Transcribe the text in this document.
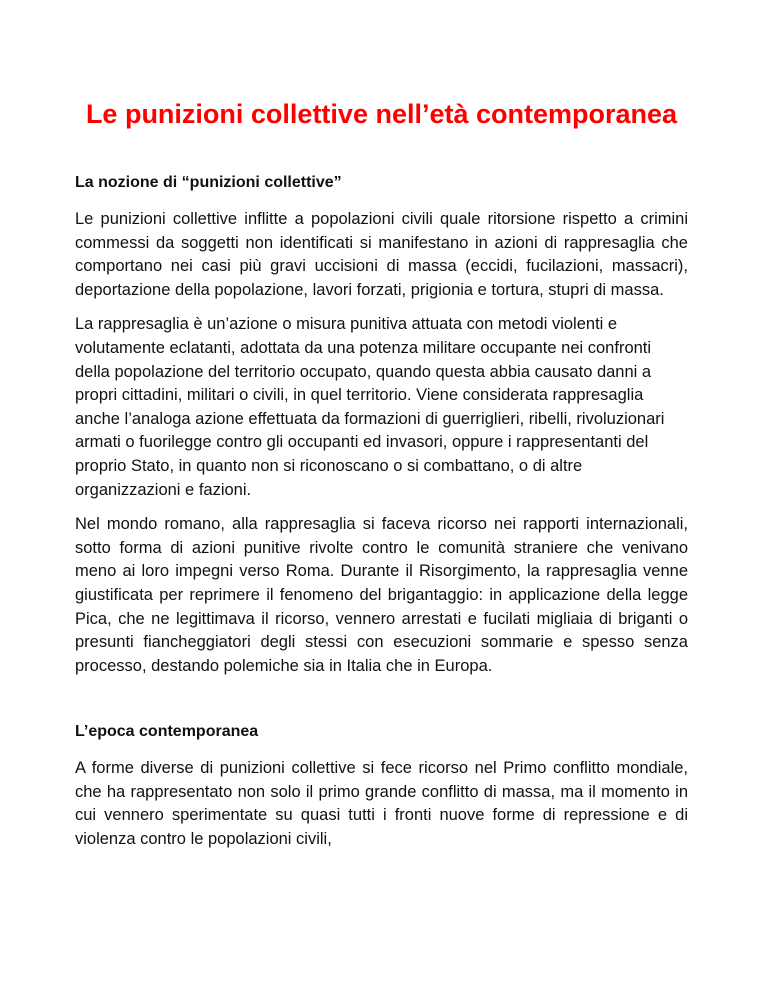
Le punizioni collettive nell’età contemporanea
La nozione di “punizioni collettive”

Le punizioni collettive inflitte a popolazioni civili quale ritorsione rispetto a crimini commessi da soggetti non identificati si manifestano in azioni di rappresaglia che comportano nei casi più gravi uccisioni di massa (eccidi, fucilazioni, massacri), deportazione della popolazione, lavori forzati, prigionia e tortura, stupri di massa.

La rappresaglia è un’azione o misura punitiva attuata con metodi violenti e volutamente eclatanti, adottata da una potenza militare occupante nei confronti della popolazione del territorio occupato, quando questa abbia causato danni a propri cittadini, militari o civili, in quel territorio. Viene considerata rappresaglia anche l’analoga azione effettuata da formazioni di guerriglieri, ribelli, rivoluzionari armati o fuorilegge contro gli occupanti ed invasori, oppure i rappresentanti del proprio Stato, in quanto non si riconoscano o si combattano, o di altre organizzazioni e fazioni.

Nel mondo romano, alla rappresaglia si faceva ricorso nei rapporti internazionali, sotto forma di azioni punitive rivolte contro le comunità straniere che venivano meno ai loro impegni verso Roma. Durante il Risorgimento, la rappresaglia venne giustificata per reprimere il fenomeno del brigantaggio: in applicazione della legge Pica, che ne legittimava il ricorso, vennero arrestati e fucilati migliaia di briganti o presunti fiancheggiatori degli stessi con esecuzioni sommarie e spesso senza processo, destando polemiche sia in Italia che in Europa.

L’epoca contemporanea

A forme diverse di punizioni collettive si fece ricorso nel Primo conflitto mondiale, che ha rappresentato non solo il primo grande conflitto di massa, ma il momento in cui vennero sperimentate su quasi tutti i fronti nuove forme di repressione e di violenza contro le popolazioni civili,
